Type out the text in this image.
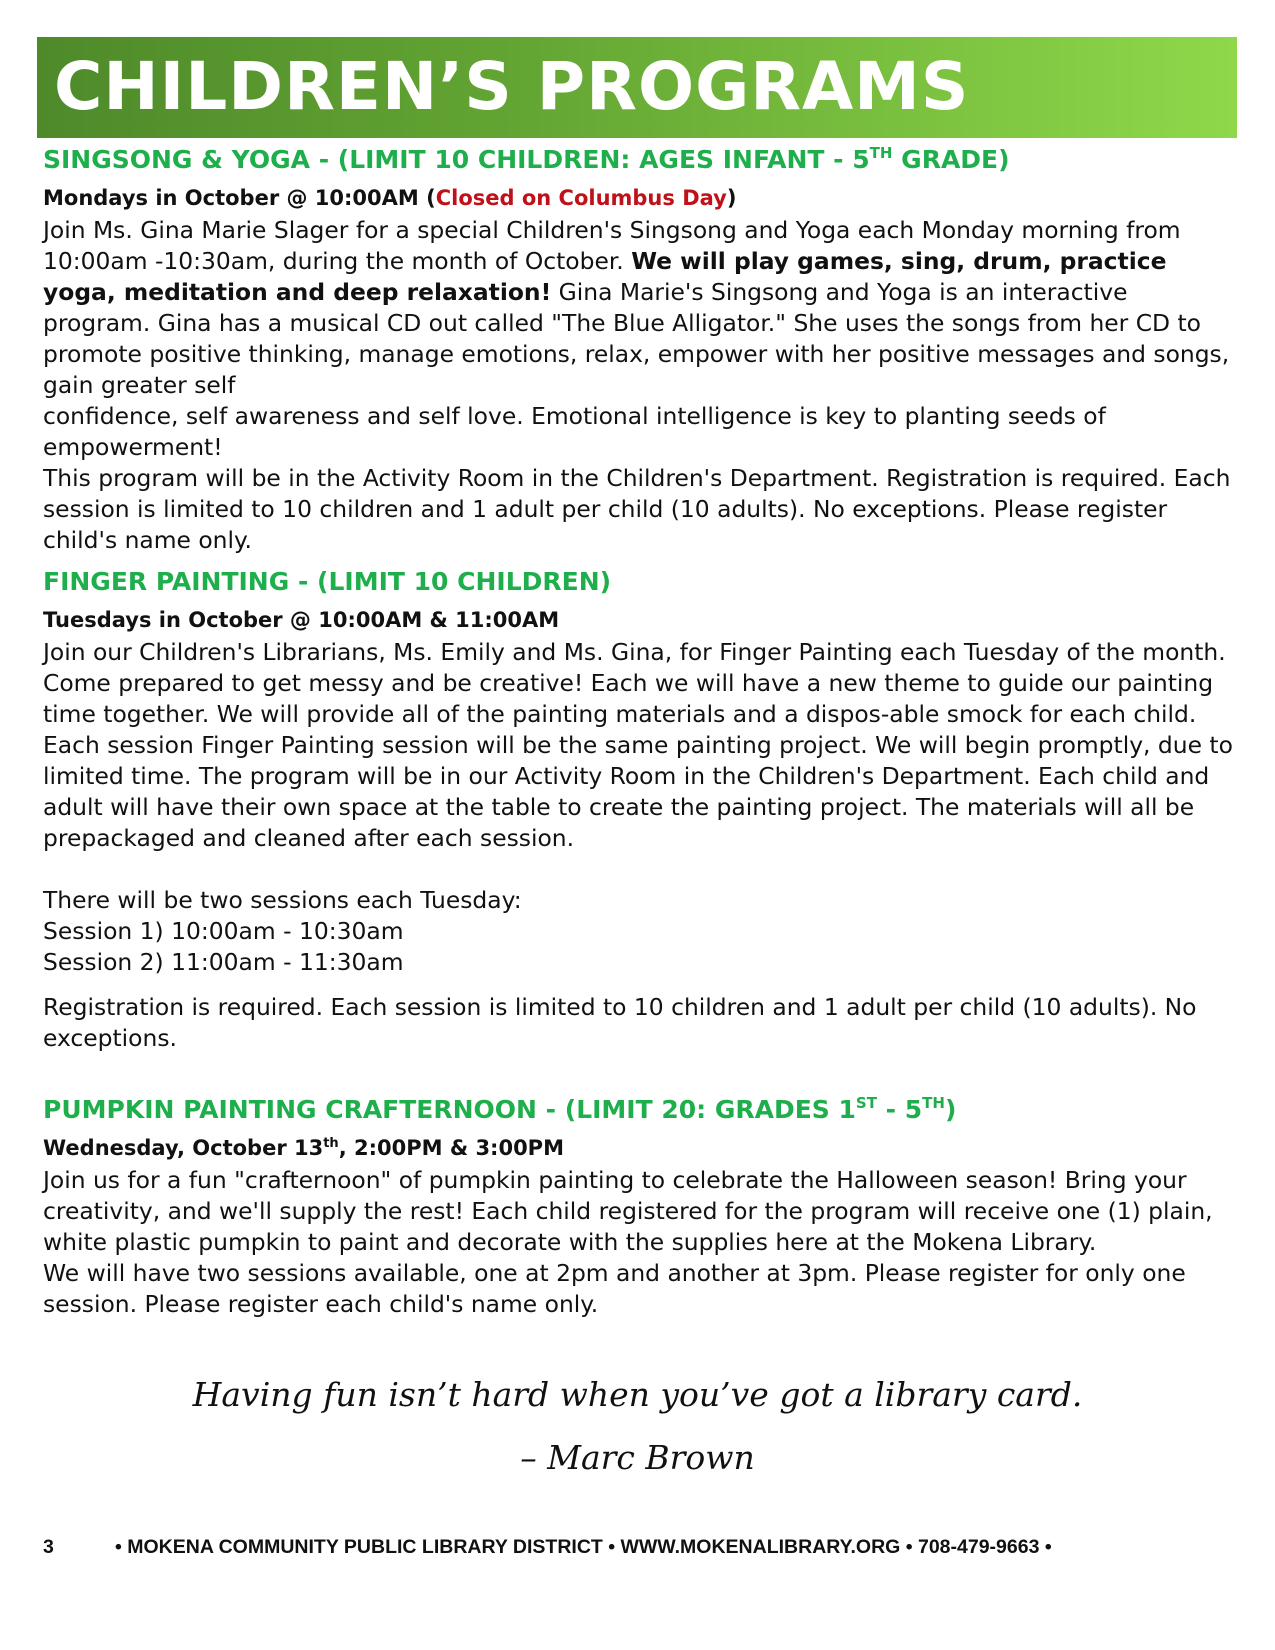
CHILDREN’S PROGRAMS
SINGSONG & YOGA - (LIMIT 10 CHILDREN: AGES INFANT - 5TH GRADE)
Mondays in October @ 10:00AM (Closed on Columbus Day)

Join Ms. Gina Marie Slager for a special Children's Singsong and Yoga each Monday morning from 10:00am -10:30am, during the month of October. We will play games, sing, drum, practice yoga, meditation and deep relaxation! Gina Marie's Singsong and Yoga is an interactive program. Gina has a musical CD out called "The Blue Alligator." She uses the songs from her CD to promote positive thinking, manage emotions, relax, empower with her positive messages and songs, gain greater self

confidence, self awareness and self love. Emotional intelligence is key to planting seeds of empowerment!

This program will be in the Activity Room in the Children's Department. Registration is required. Each session is limited to 10 children and 1 adult per child (10 adults). No exceptions. Please register child's name only.

FINGER PAINTING - (LIMIT 10 CHILDREN)
Tuesdays in October @ 10:00AM & 11:00AM

Join our Children's Librarians, Ms. Emily and Ms. Gina, for Finger Painting each Tuesday of the month. Come prepared to get messy and be creative! Each we will have a new theme to guide our painting time together. We will provide all of the painting materials and a dispos-able smock for each child.

Each session Finger Painting session will be the same painting project. We will begin promptly, due to limited time. The program will be in our Activity Room in the Children's Department. Each child and adult will have their own space at the table to create the painting project. The materials will all be prepackaged and cleaned after each session.

There will be two sessions each Tuesday:

Session 1) 10:00am - 10:30am

Session 2) 11:00am - 11:30am

Registration is required. Each session is limited to 10 children and 1 adult per child (10 adults). No exceptions.

PUMPKIN PAINTING CRAFTERNOON - (LIMIT 20: GRADES 1ST - 5TH)
Wednesday, October 13th, 2:00PM & 3:00PM

Join us for a fun "crafternoon" of pumpkin painting to celebrate the Halloween season! Bring your creativity, and we'll supply the rest! Each child registered for the program will receive one (1) plain, white plastic pumpkin to paint and decorate with the supplies here at the Mokena Library.

We will have two sessions available, one at 2pm and another at 3pm. Please register for only one session. Please register each child's name only.

Having fun isn’t hard when you’ve got a library card.
– Marc Brown
3	• MOKENA COMMUNITY PUBLIC LIBRARY DISTRICT • WWW.MOKENALIBRARY.ORG • 708-479-9663 •
